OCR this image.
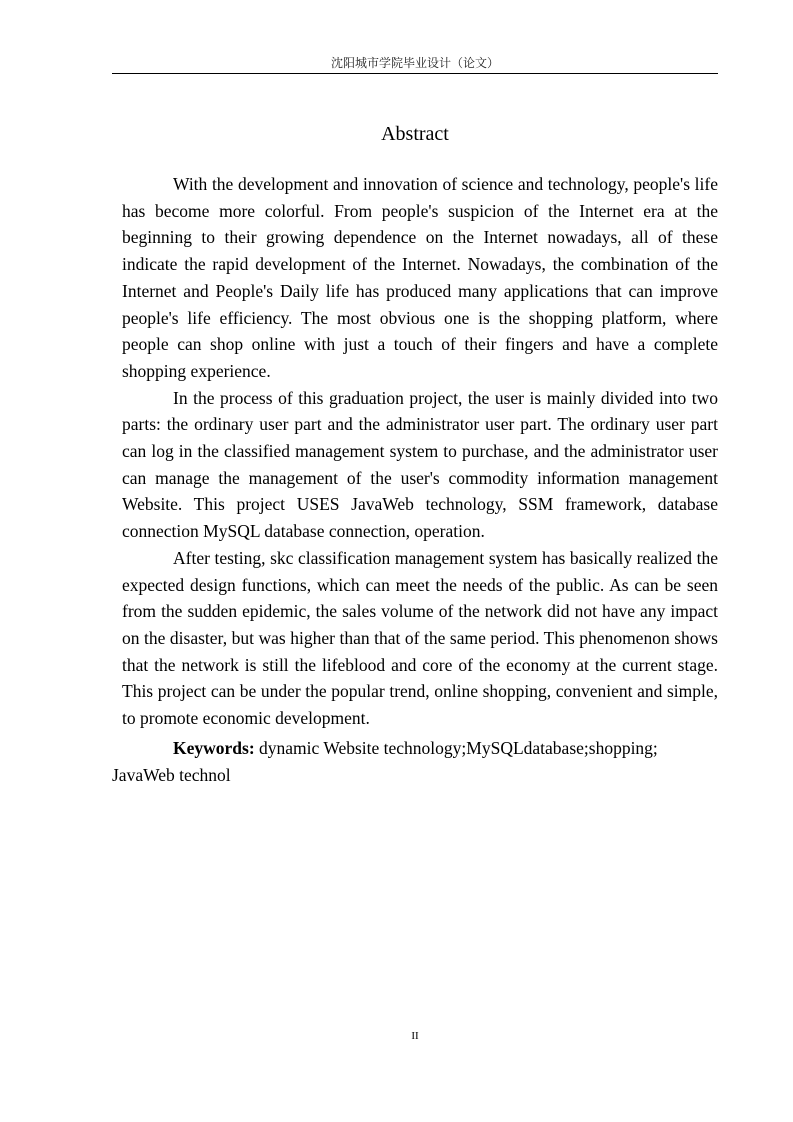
沈阳城市学院毕业设计（论文）
Abstract

With the development and innovation of science and technology, people's life has become more colorful. From people's suspicion of the Internet era at the beginning to their growing dependence on the Internet nowadays, all of these indicate the rapid development of the Internet. Nowadays, the combination of the Internet and People's Daily life has produced many applications that can improve people's life efficiency. The most obvious one is the shopping platform, where people can shop online with just a touch of their fingers and have a complete shopping experience.

In the process of this graduation project, the user is mainly divided into two parts: the ordinary user part and the administrator user part. The ordinary user part can log in the classified management system to purchase, and the administrator user can manage the management of the user's commodity information management Website. This project USES JavaWeb technology, SSM framework, database connection MySQL database connection, operation.

After testing, skc classification management system has basically realized the expected design functions, which can meet the needs of the public. As can be seen from the sudden epidemic, the sales volume of the network did not have any impact on the disaster, but was higher than that of the same period. This phenomenon shows that the network is still the lifeblood and core of the economy at the current stage. This project can be under the popular trend, online shopping, convenient and simple, to promote economic development.

Keywords: dynamic Website technology;MySQLdatabase;shopping; JavaWeb technol
II
